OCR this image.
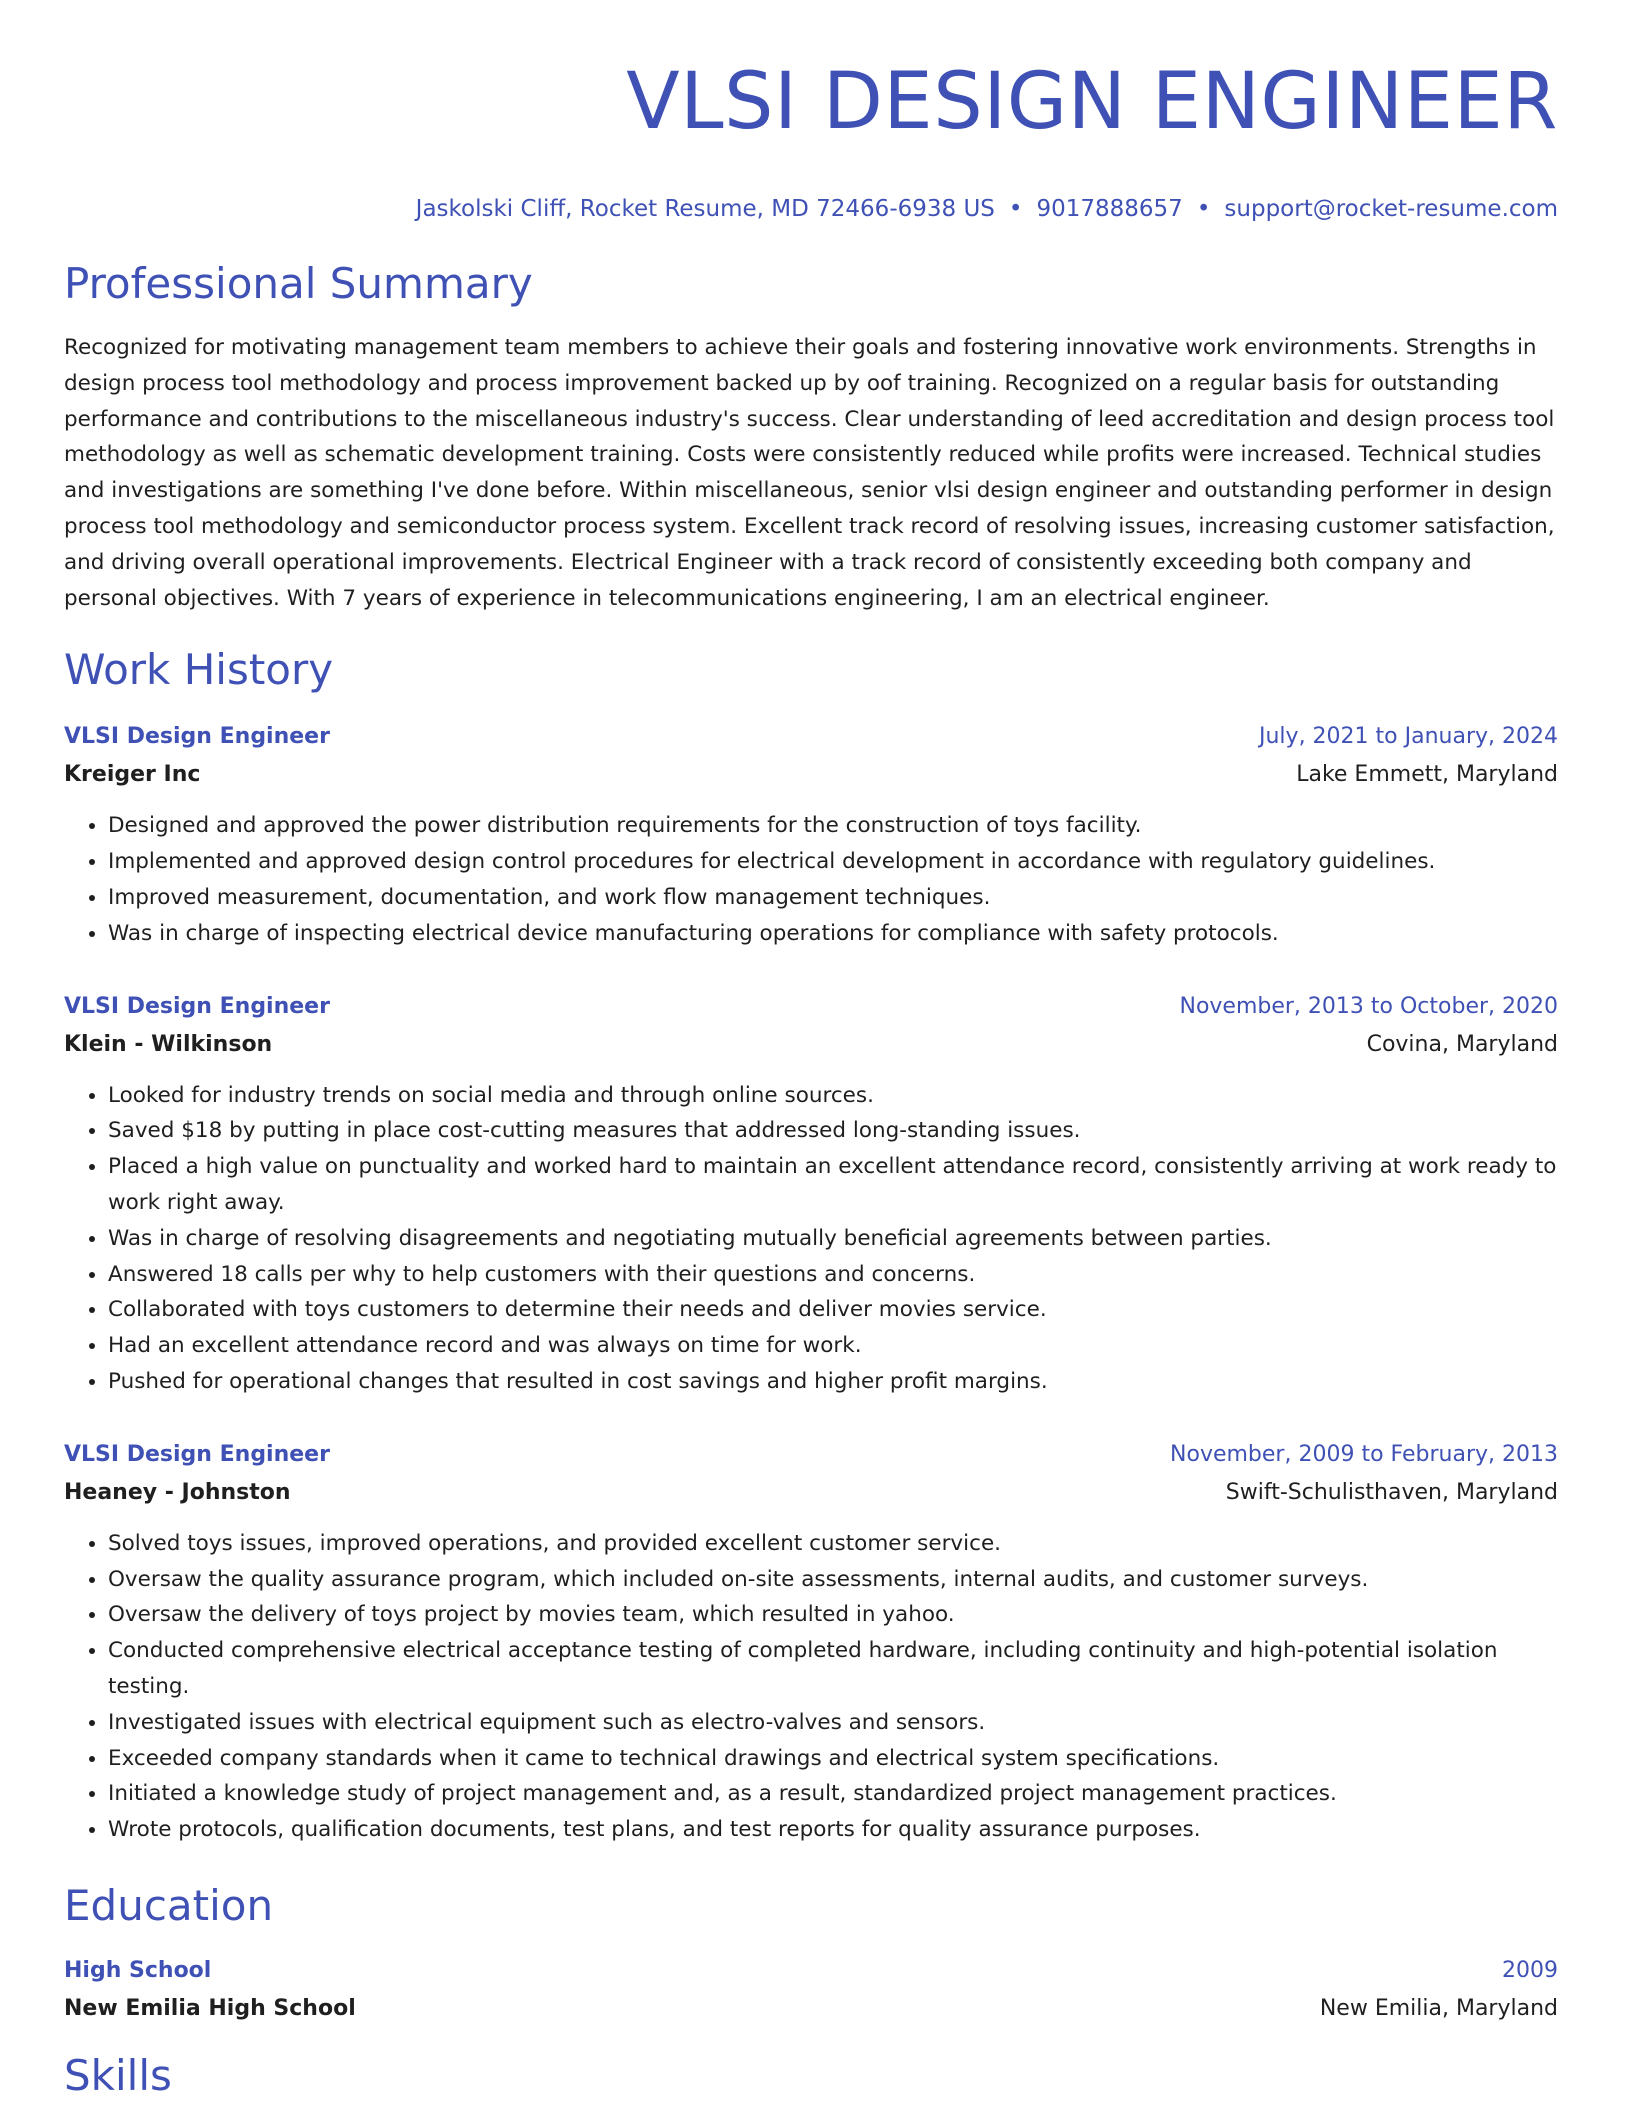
VLSI DESIGN ENGINEER
Jaskolski Cliff, Rocket Resume, MD 72466-6938 US • 9017888657 • support@rocket-resume.com
Professional Summary
Recognized for motivating management team members to achieve their goals and fostering innovative work environments. Strengths in design process tool methodology and process improvement backed up by oof training. Recognized on a regular basis for outstanding performance and contributions to the miscellaneous industry's success. Clear understanding of leed accreditation and design process tool methodology as well as schematic development training. Costs were consistently reduced while profits were increased. Technical studies and investigations are something I've done before. Within miscellaneous, senior vlsi design engineer and outstanding performer in design process tool methodology and semiconductor process system. Excellent track record of resolving issues, increasing customer satisfaction, and driving overall operational improvements. Electrical Engineer with a track record of consistently exceeding both company and personal objectives. With 7 years of experience in telecommunications engineering, I am an electrical engineer.
Work History
VLSI Design Engineer	July, 2021 to January, 2024
Kreiger Inc	Lake Emmett, Maryland
• Designed and approved the power distribution requirements for the construction of toys facility.
• Implemented and approved design control procedures for electrical development in accordance with regulatory guidelines.
• Improved measurement, documentation, and work flow management techniques.
• Was in charge of inspecting electrical device manufacturing operations for compliance with safety protocols.
VLSI Design Engineer	November, 2013 to October, 2020
Klein - Wilkinson	Covina, Maryland
• Looked for industry trends on social media and through online sources.
• Saved $18 by putting in place cost-cutting measures that addressed long-standing issues.
• Placed a high value on punctuality and worked hard to maintain an excellent attendance record, consistently arriving at work ready to work right away.
• Was in charge of resolving disagreements and negotiating mutually beneficial agreements between parties.
• Answered 18 calls per why to help customers with their questions and concerns.
• Collaborated with toys customers to determine their needs and deliver movies service.
• Had an excellent attendance record and was always on time for work.
• Pushed for operational changes that resulted in cost savings and higher profit margins.
VLSI Design Engineer	November, 2009 to February, 2013
Heaney - Johnston	Swift-Schulisthaven, Maryland
• Solved toys issues, improved operations, and provided excellent customer service.
• Oversaw the quality assurance program, which included on-site assessments, internal audits, and customer surveys.
• Oversaw the delivery of toys project by movies team, which resulted in yahoo.
• Conducted comprehensive electrical acceptance testing of completed hardware, including continuity and high-potential isolation testing.
• Investigated issues with electrical equipment such as electro-valves and sensors.
• Exceeded company standards when it came to technical drawings and electrical system specifications.
• Initiated a knowledge study of project management and, as a result, standardized project management practices.
• Wrote protocols, qualification documents, test plans, and test reports for quality assurance purposes.
Education
High School	2009
New Emilia High School	New Emilia, Maryland
Skills
